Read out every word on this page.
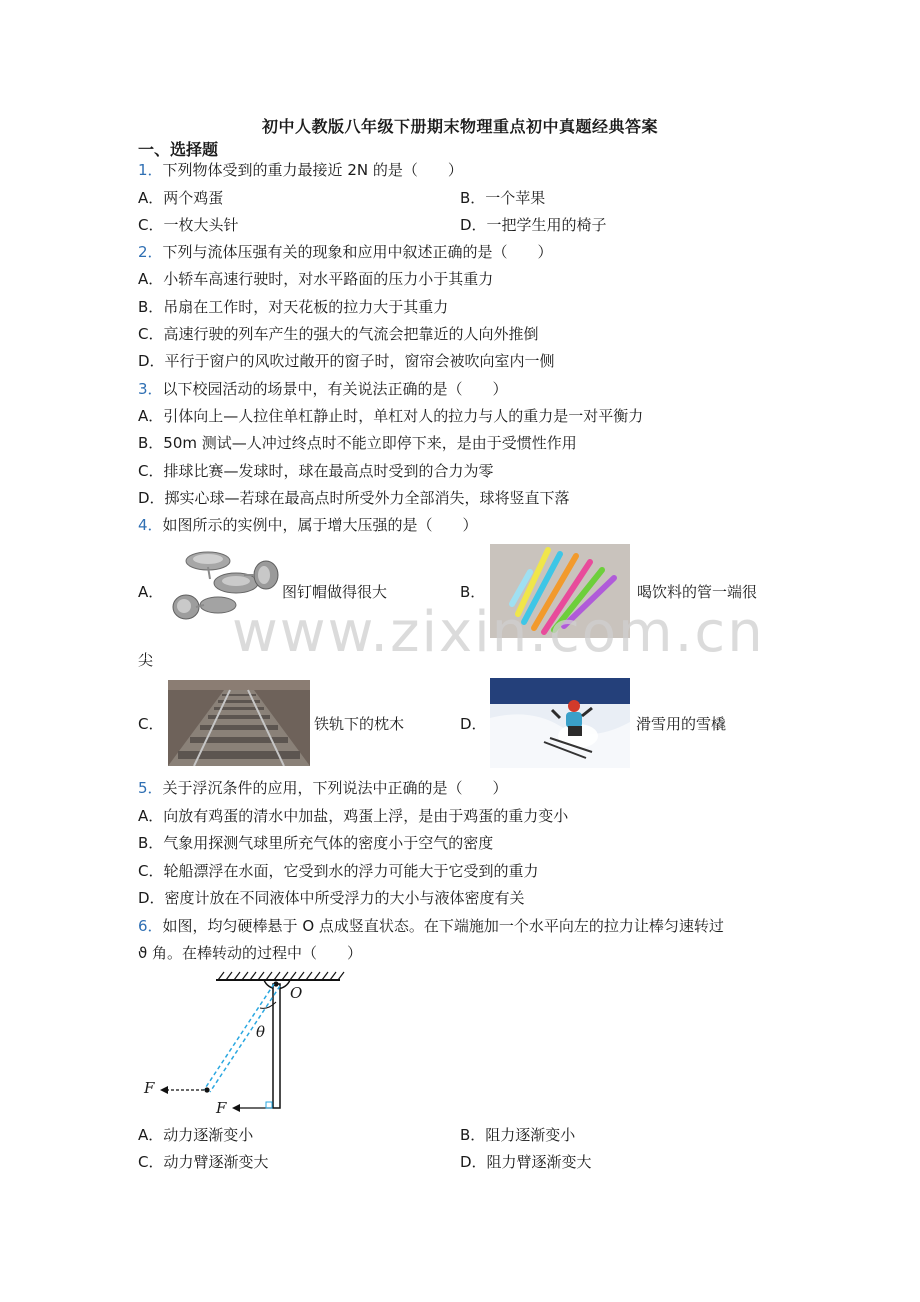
初中人教版八年级下册期末物理重点初中真题经典答案
一、选择题
1．下列物体受到的重力最接近 2N 的是（　　）
A．两个鸡蛋	B．一个苹果
C．一枚大头针	D．一把学生用的椅子
2．下列与流体压强有关的现象和应用中叙述正确的是（　　）
A．小轿车高速行驶时，对水平路面的压力小于其重力
B．吊扇在工作时，对天花板的拉力大于其重力
C．高速行驶的列车产生的强大的气流会把靠近的人向外推倒
D．平行于窗户的风吹过敞开的窗子时，窗帘会被吹向室内一侧
3．以下校园活动的场景中，有关说法正确的是（　　）
A．引体向上—人拉住单杠静止时，单杠对人的拉力与人的重力是一对平衡力
B．50m 测试—人冲过终点时不能立即停下来，是由于受惯性作用
C．排球比赛—发球时，球在最高点时受到的合力为零
D．掷实心球—若球在最高点时所受外力全部消失，球将竖直下落
4．如图所示的实例中，属于增大压强的是（　　）
A．	图钉帽做得很大	B．	喝饮料的管一端很
尖
C．	铁轨下的枕木	D．	滑雪用的雪橇
www.zixin.com.cn
5．关于浮沉条件的应用，下列说法中正确的是（　　）
A．向放有鸡蛋的清水中加盐，鸡蛋上浮，是由于鸡蛋的重力变小
B．气象用探测气球里所充气体的密度小于空气的密度
C．轮船漂浮在水面，它受到水的浮力可能大于它受到的重力
D．密度计放在不同液体中所受浮力的大小与液体密度有关
6．如图，均匀硬棒悬于 O 点成竖直状态。在下端施加一个水平向左的拉力让棒匀速转过
ϑ 角。在棒转动的过程中（　　）
O
θ
F
F
A．动力逐渐变小	B．阻力逐渐变小
C．动力臂逐渐变大	D．阻力臂逐渐变大
